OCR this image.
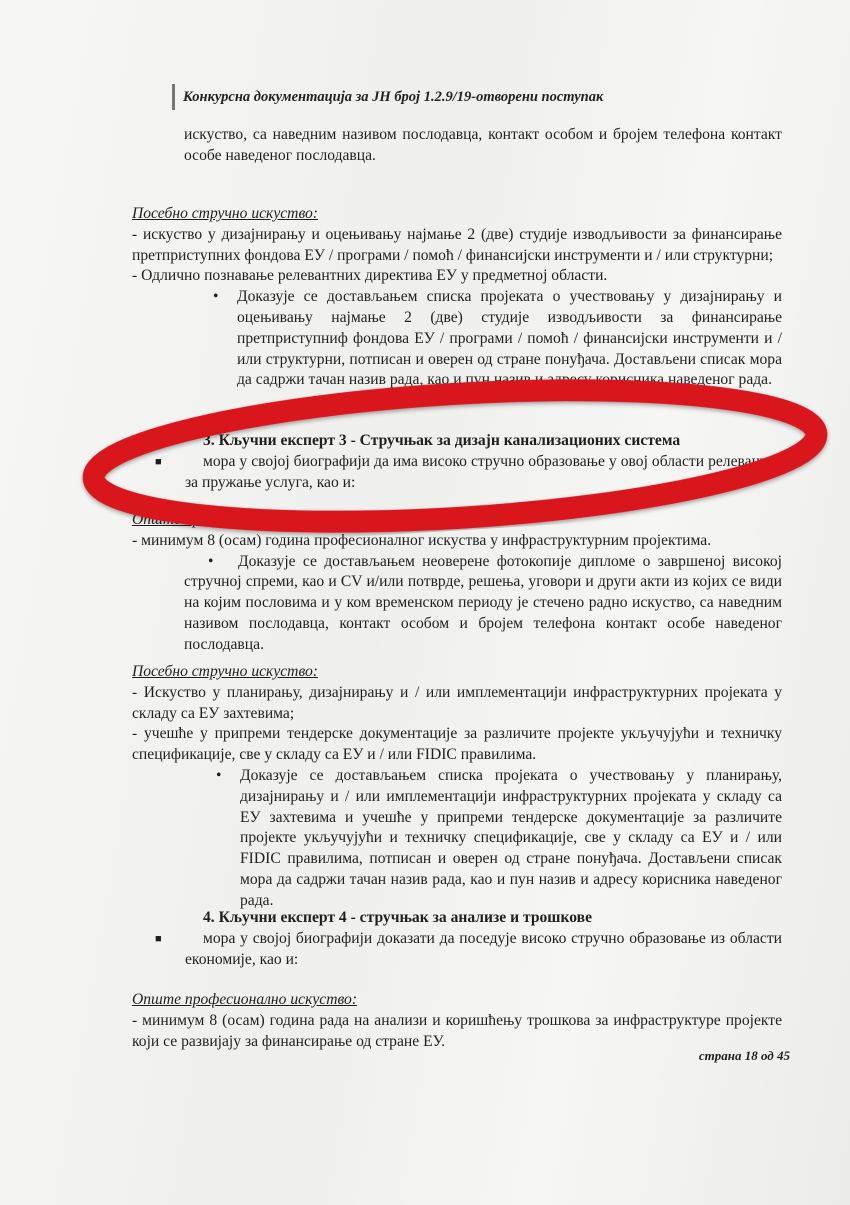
Конкурсна документација за ЈН број 1.2.9/19-отворени поступак
искуство, са наведним називом послодавца, контакт особом и бројем телефона контакт особе наведеног послодавца.
Посебно стручно искуство:
- искуство у дизајнирању и оцењивању најмање 2 (две) студије изводљивости за финансирање претприступних фондова ЕУ / програми / помоћ / финансијски инструменти и / или структурни;
- Одлично познавање релевантних директива ЕУ у предметној области.
• Доказује се достављањем списка пројеката о учествовању у дизајнирању и оцењивању најмање 2 (две) студије изводљивости за финансирање претприступниф фондова ЕУ / програми / помоћ / финансијски инструменти и / или структурни, потписан и оверен од стране понуђача. Достављени списак мора да садржи тачан назив рада, као и пун назив и адресу корисника наведеног рада.
3. Кључни експерт 3 - Стручњак за дизајн канализационих система
■	мора у својој биографији да има високо стручно образовање у овој области релевантне за пружање услуга, као и:
Опште професионално искуство:
- минимум 8 (осам) година професионалног искуства у инфраструктурним пројектима.
• Доказује се достављањем неоверене фотокопије дипломе о завршеној високој стручној спреми, као и CV и/или потврде, решења, уговори и други акти из којих се види на којим пословима и у ком временском периоду је стечено радно искуство, са наведним називом послодавца, контакт особом и бројем телефона контакт особе наведеног послодавца.
Посебно стручно искуство:
- Искуство у планирању, дизајнирању и / или имплементацији инфраструктурних пројеката у складу са ЕУ захтевима;
- учешће у припреми тендерске документације за различите пројекте укључујући и техничку спецификације, све у складу са ЕУ и / или FIDIC правилима.
• Доказује се достављањем списка пројеката о учествовању у планирању, дизајнирању и / или имплементацији инфраструктурних пројеката у складу са ЕУ захтевима и учешће у припреми тендерске документације за различите пројекте укључујући и техничку спецификације, све у складу са ЕУ и / или FIDIC правилима, потписан и оверен од стране понуђача. Достављени списак мора да садржи тачан назив рада, као и пун назив и адресу корисника наведеног рада.
4. Кључни експерт 4 - стручњак за анализе и трошкове
■	мора у својој биографији доказати да поседује високо стручно образовање из области економије, као и:
Опште професионално искуство:
- минимум 8 (осам) година рада на анализи и коришћењу трошкова за инфраструктуре пројекте који се развијају за финансирање од стране ЕУ.
страна 18 од 45
